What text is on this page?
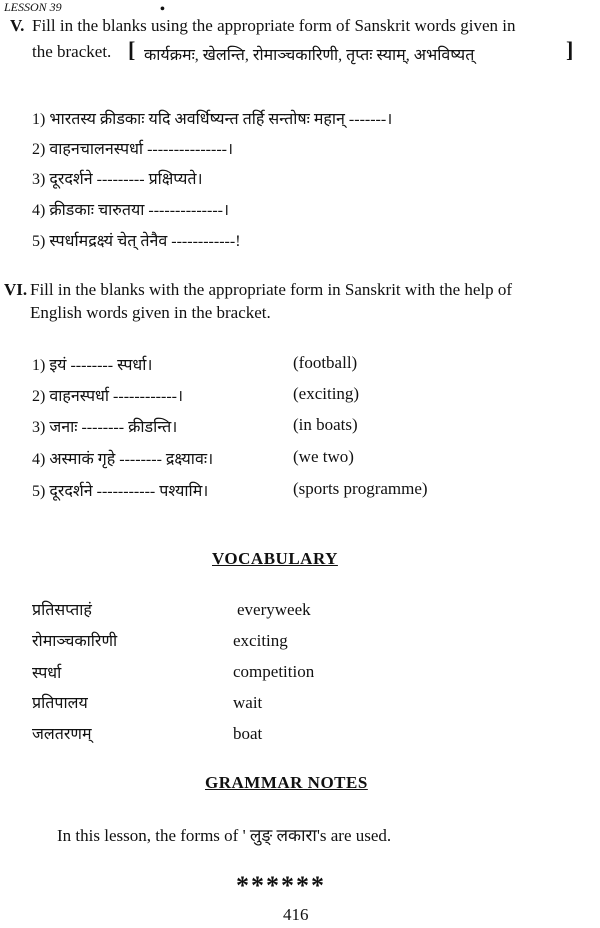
LESSON 39	•
V. Fill in the blanks using the appropriate form of Sanskrit words given in
the bracket. [ कार्यक्रमः, खेलन्ति, रोमाञ्चकारिणी, तृप्तः स्याम्, अभविष्यत्	]
1) भारतस्य क्रीडकाः यदि अवर्धिष्यन्त तर्हि सन्तोषः महान् -------।
2) वाहनचालनस्पर्धा ---------------।
3) दूरदर्शने --------- प्रक्षिप्यते।
4) क्रीडकाः चारुतया --------------।
5) स्पर्धामद्रक्ष्यं चेत् तेनैव ------------!
VI. Fill in the blanks with the appropriate form in Sanskrit with the help of
English words given in the bracket.
1) इयं -------- स्पर्धा।	(football)
2) वाहनस्पर्धा ------------।	(exciting)
3) जनाः -------- क्रीडन्ति।	(in boats)
4) अस्माकं गृहे -------- द्रक्ष्यावः।	(we two)
5) दूरदर्शने ----------- पश्यामि।	(sports programme)
VOCABULARY
प्रतिसप्ताहं	everyweek
रोमाञ्चकारिणी	exciting
स्पर्धा	competition
प्रतिपालय	wait
जलतरणम्	boat
GRAMMAR NOTES
In this lesson, the forms of ' लुङ् लकारा's are used.
******
416
